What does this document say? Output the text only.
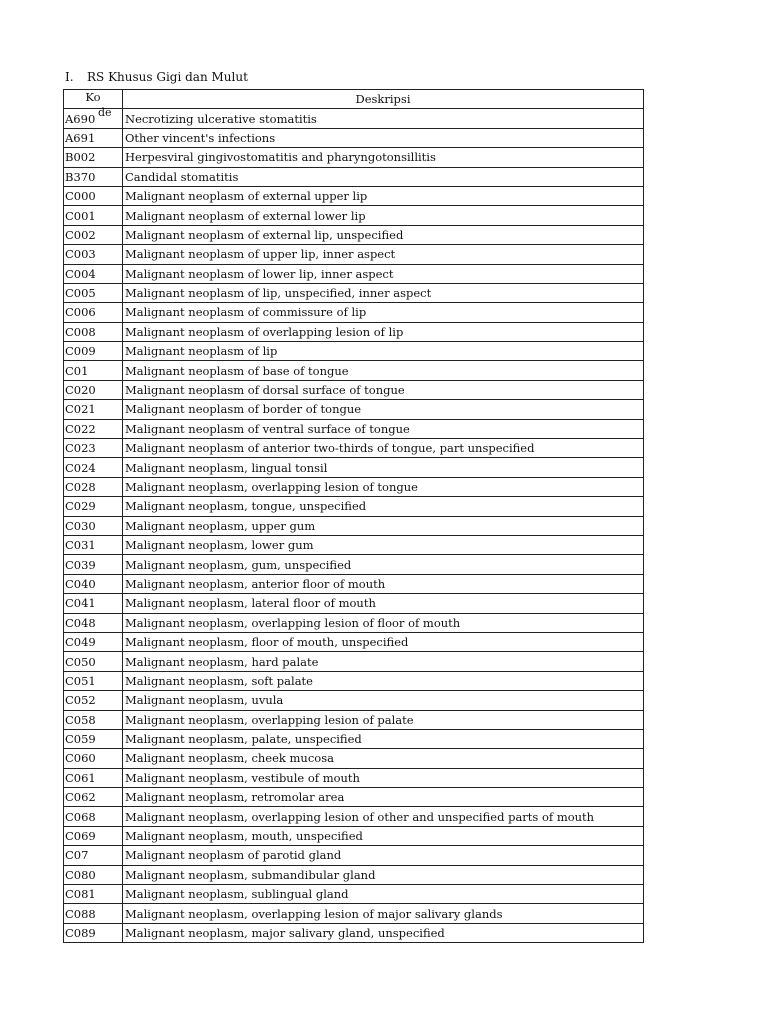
I. RS Khusus Gigi dan Mulut
Ko
de	Deskripsi
A690	Necrotizing ulcerative stomatitis
A691	Other vincent's infections
B002	Herpesviral gingivostomatitis and pharyngotonsillitis
B370	Candidal stomatitis
C000	Malignant neoplasm of external upper lip
C001	Malignant neoplasm of external lower lip
C002	Malignant neoplasm of external lip, unspecified
C003	Malignant neoplasm of upper lip, inner aspect
C004	Malignant neoplasm of lower lip, inner aspect
C005	Malignant neoplasm of lip, unspecified, inner aspect
C006	Malignant neoplasm of commissure of lip
C008	Malignant neoplasm of overlapping lesion of lip
C009	Malignant neoplasm of lip
C01	Malignant neoplasm of base of tongue
C020	Malignant neoplasm of dorsal surface of tongue
C021	Malignant neoplasm of border of tongue
C022	Malignant neoplasm of ventral surface of tongue
C023	Malignant neoplasm of anterior two-thirds of tongue, part unspecified
C024	Malignant neoplasm, lingual tonsil
C028	Malignant neoplasm, overlapping lesion of tongue
C029	Malignant neoplasm, tongue, unspecified
C030	Malignant neoplasm, upper gum
C031	Malignant neoplasm, lower gum
C039	Malignant neoplasm, gum, unspecified
C040	Malignant neoplasm, anterior floor of mouth
C041	Malignant neoplasm, lateral floor of mouth
C048	Malignant neoplasm, overlapping lesion of floor of mouth
C049	Malignant neoplasm, floor of mouth, unspecified
C050	Malignant neoplasm, hard palate
C051	Malignant neoplasm, soft palate
C052	Malignant neoplasm, uvula
C058	Malignant neoplasm, overlapping lesion of palate
C059	Malignant neoplasm, palate, unspecified
C060	Malignant neoplasm, cheek mucosa
C061	Malignant neoplasm, vestibule of mouth
C062	Malignant neoplasm, retromolar area
C068	Malignant neoplasm, overlapping lesion of other and unspecified parts of mouth
C069	Malignant neoplasm, mouth, unspecified
C07	Malignant neoplasm of parotid gland
C080	Malignant neoplasm, submandibular gland
C081	Malignant neoplasm, sublingual gland
C088	Malignant neoplasm, overlapping lesion of major salivary glands
C089	Malignant neoplasm, major salivary gland, unspecified
